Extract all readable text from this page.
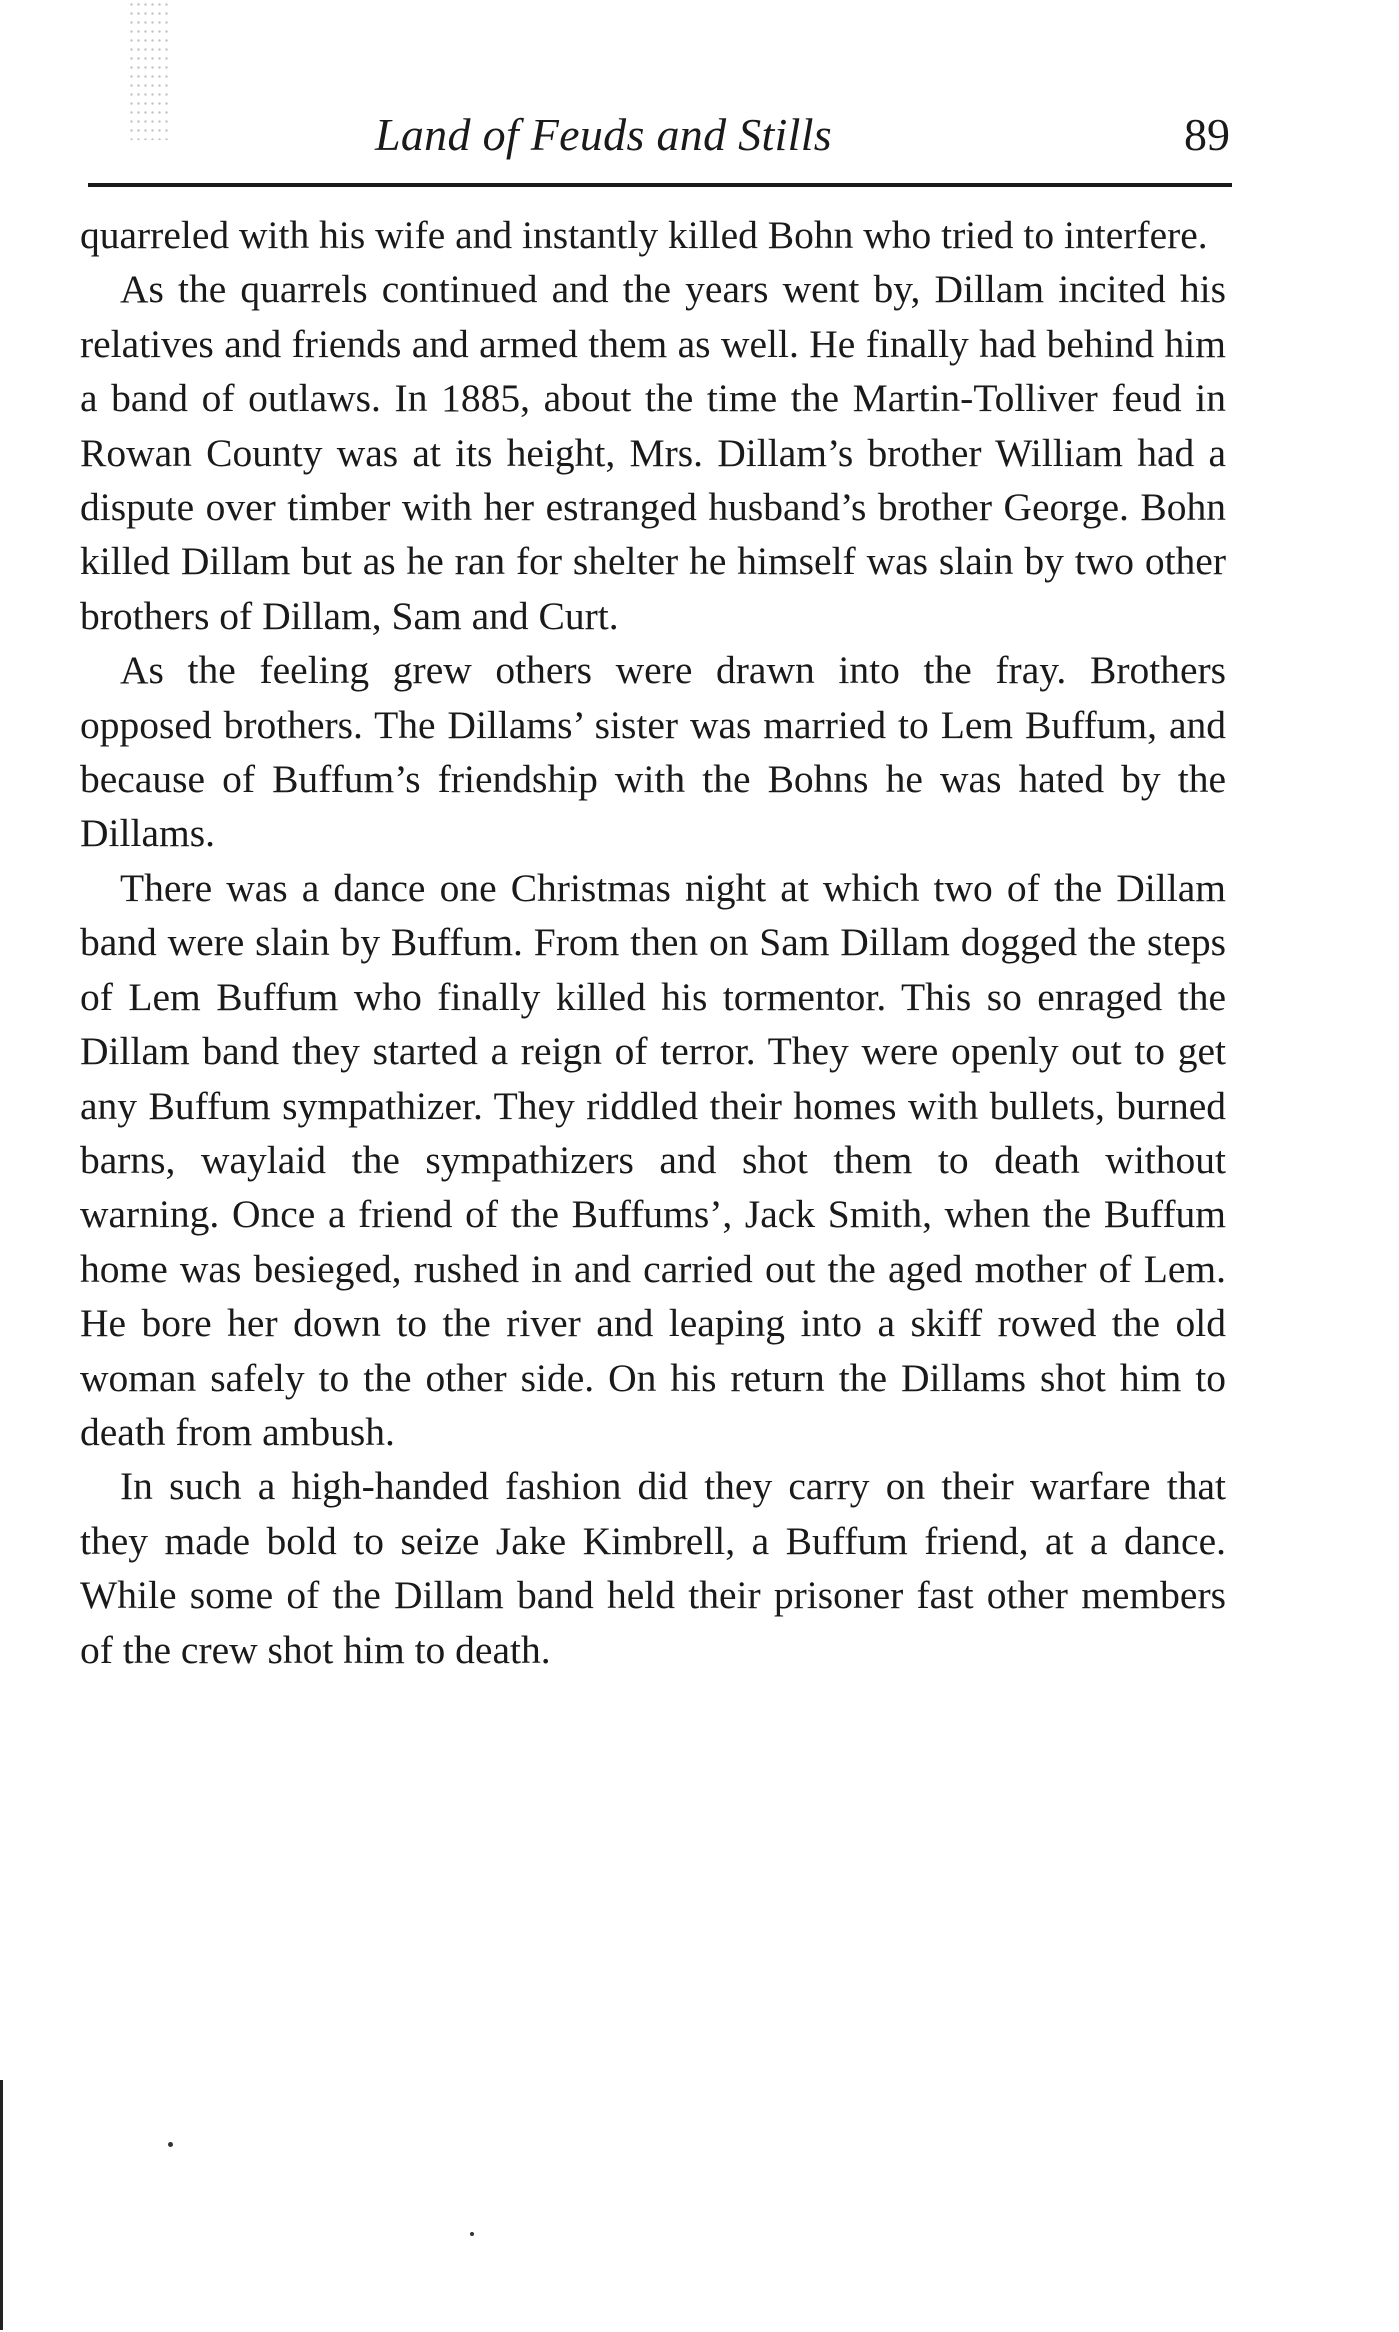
Land of Feuds and Stills	89

quarreled with his wife and instantly killed Bohn who tried to interfere.

As the quarrels continued and the years went by, Dillam incited his relatives and friends and armed them as well. He finally had behind him a band of outlaws. In 1885, about the time the Martin-Tolliver feud in Rowan County was at its height, Mrs. Dillam’s brother William had a dispute over timber with her estranged husband’s brother George. Bohn killed Dillam but as he ran for shelter he himself was slain by two other brothers of Dillam, Sam and Curt.

As the feeling grew others were drawn into the fray. Brothers opposed brothers. The Dillams’ sister was married to Lem Buffum, and because of Buffum’s friendship with the Bohns he was hated by the Dillams.

There was a dance one Christmas night at which two of the Dillam band were slain by Buffum. From then on Sam Dillam dogged the steps of Lem Buffum who finally killed his tormentor. This so enraged the Dillam band they started a reign of terror. They were openly out to get any Buffum sympathizer. They riddled their homes with bullets, burned barns, waylaid the sympathizers and shot them to death without warning. Once a friend of the Buffums’, Jack Smith, when the Buffum home was besieged, rushed in and carried out the aged mother of Lem. He bore her down to the river and leaping into a skiff rowed the old woman safely to the other side. On his return the Dillams shot him to death from ambush.

In such a high-handed fashion did they carry on their warfare that they made bold to seize Jake Kimbrell, a Buffum friend, at a dance. While some of the Dillam band held their prisoner fast other members of the crew shot him to death.
